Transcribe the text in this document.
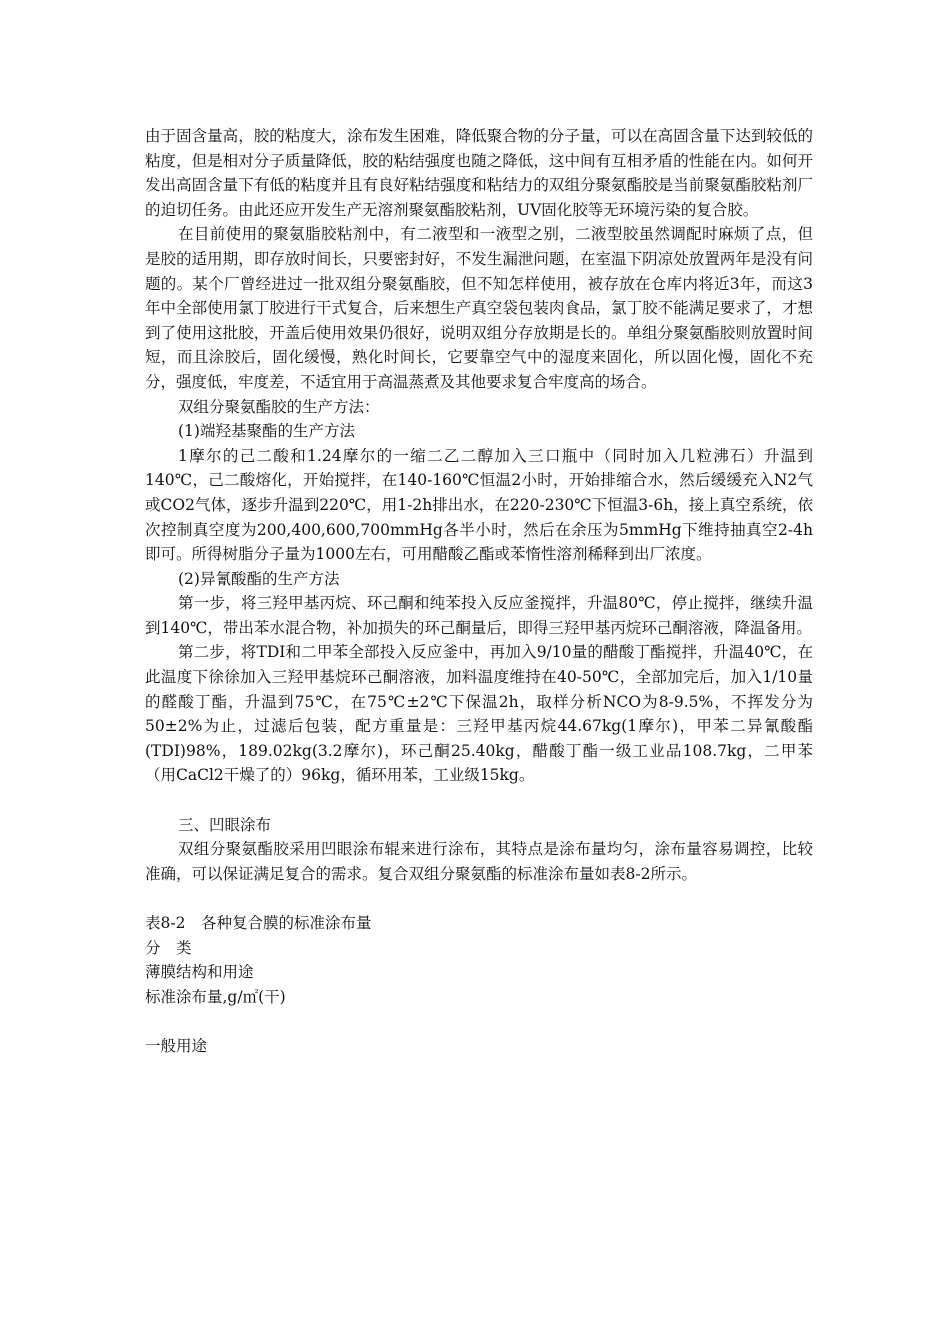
由于固含量高，胶的粘度大，涂布发生困难，降低聚合物的分子量，可以在高固含量下达到较低的粘度，但是相对分子质量降低，胶的粘结强度也随之降低，这中间有互相矛盾的性能在内。如何开发出高固含量下有低的粘度并且有良好粘结强度和粘结力的双组分聚氨酯胶是当前聚氨酯胶粘剂厂的迫切任务。由此还应开发生产无溶剂聚氨酯胶粘剂，UV固化胶等无环境污染的复合胶。

在目前使用的聚氨脂胶粘剂中，有二液型和一液型之别，二液型胶虽然调配时麻烦了点，但是胶的适用期，即存放时间长，只要密封好，不发生漏泄问题，在室温下阴凉处放置两年是没有问题的。某个厂曾经进过一批双组分聚氨酯胶，但不知怎样使用，被存放在仓库内将近3年，而这3年中全部使用氯丁胶进行干式复合，后来想生产真空袋包装肉食品，氯丁胶不能满足要求了，才想到了使用这批胶，开盖后使用效果仍很好，说明双组分存放期是长的。单组分聚氨酯胶则放置时间短，而且涂胶后，固化缓慢，熟化时间长，它要靠空气中的湿度来固化，所以固化慢，固化不充分，强度低，牢度差，不适宜用于高温蒸煮及其他要求复合牢度高的场合。

双组分聚氨酯胶的生产方法：

(1)端羟基聚酯的生产方法

1摩尔的己二酸和1.24摩尔的一缩二乙二醇加入三口瓶中（同时加入几粒沸石）升温到140℃，己二酸熔化，开始搅拌，在140-160℃恒温2小时，开始排缩合水，然后缓缓充入N2气或CO2气体，逐步升温到220℃，用1-2h排出水，在220-230℃下恒温3-6h，接上真空系统，依次控制真空度为200,400,600,700mmHg各半小时，然后在余压为5mmHg下维持抽真空2-4h即可。所得树脂分子量为1000左右，可用醋酸乙酯或苯惰性溶剂稀释到出厂浓度。

(2)异氰酸酯的生产方法

第一步，将三羟甲基丙烷、环己酮和纯苯投入反应釜搅拌，升温80℃，停止搅拌，继续升温到140℃，带出苯水混合物，补加损失的环己酮量后，即得三羟甲基丙烷环己酮溶液，降温备用。

第二步，将TDI和二甲苯全部投入反应釜中，再加入9/10量的醋酸丁酯搅拌，升温40℃，在此温度下徐徐加入三羟甲基烷环己酮溶液，加料温度维持在40-50℃，全部加完后，加入1/10量的醛酸丁酯，升温到75℃，在75℃±2℃下保温2h，取样分析NCO为8-9.5%，不挥发分为50±2%为止，过滤后包装，配方重量是：三羟甲基丙烷44.67kg(1摩尔)，甲苯二异氰酸酯(TDI)98%，189.02kg(3.2摩尔)，环己酮25.40kg，醋酸丁酯一级工业品108.7kg，二甲苯（用CaCl2干燥了的）96kg，循环用苯，工业级15kg。

三、凹眼涂布

双组分聚氨酯胶采用凹眼涂布辊来进行涂布，其特点是涂布量均匀，涂布量容易调控，比较准确，可以保证满足复合的需求。复合双组分聚氨酯的标准涂布量如表8-2所示。

表8-2　各种复合膜的标准涂布量

分　类

薄膜结构和用途

标准涂布量,g/㎡(干)

一般用途
